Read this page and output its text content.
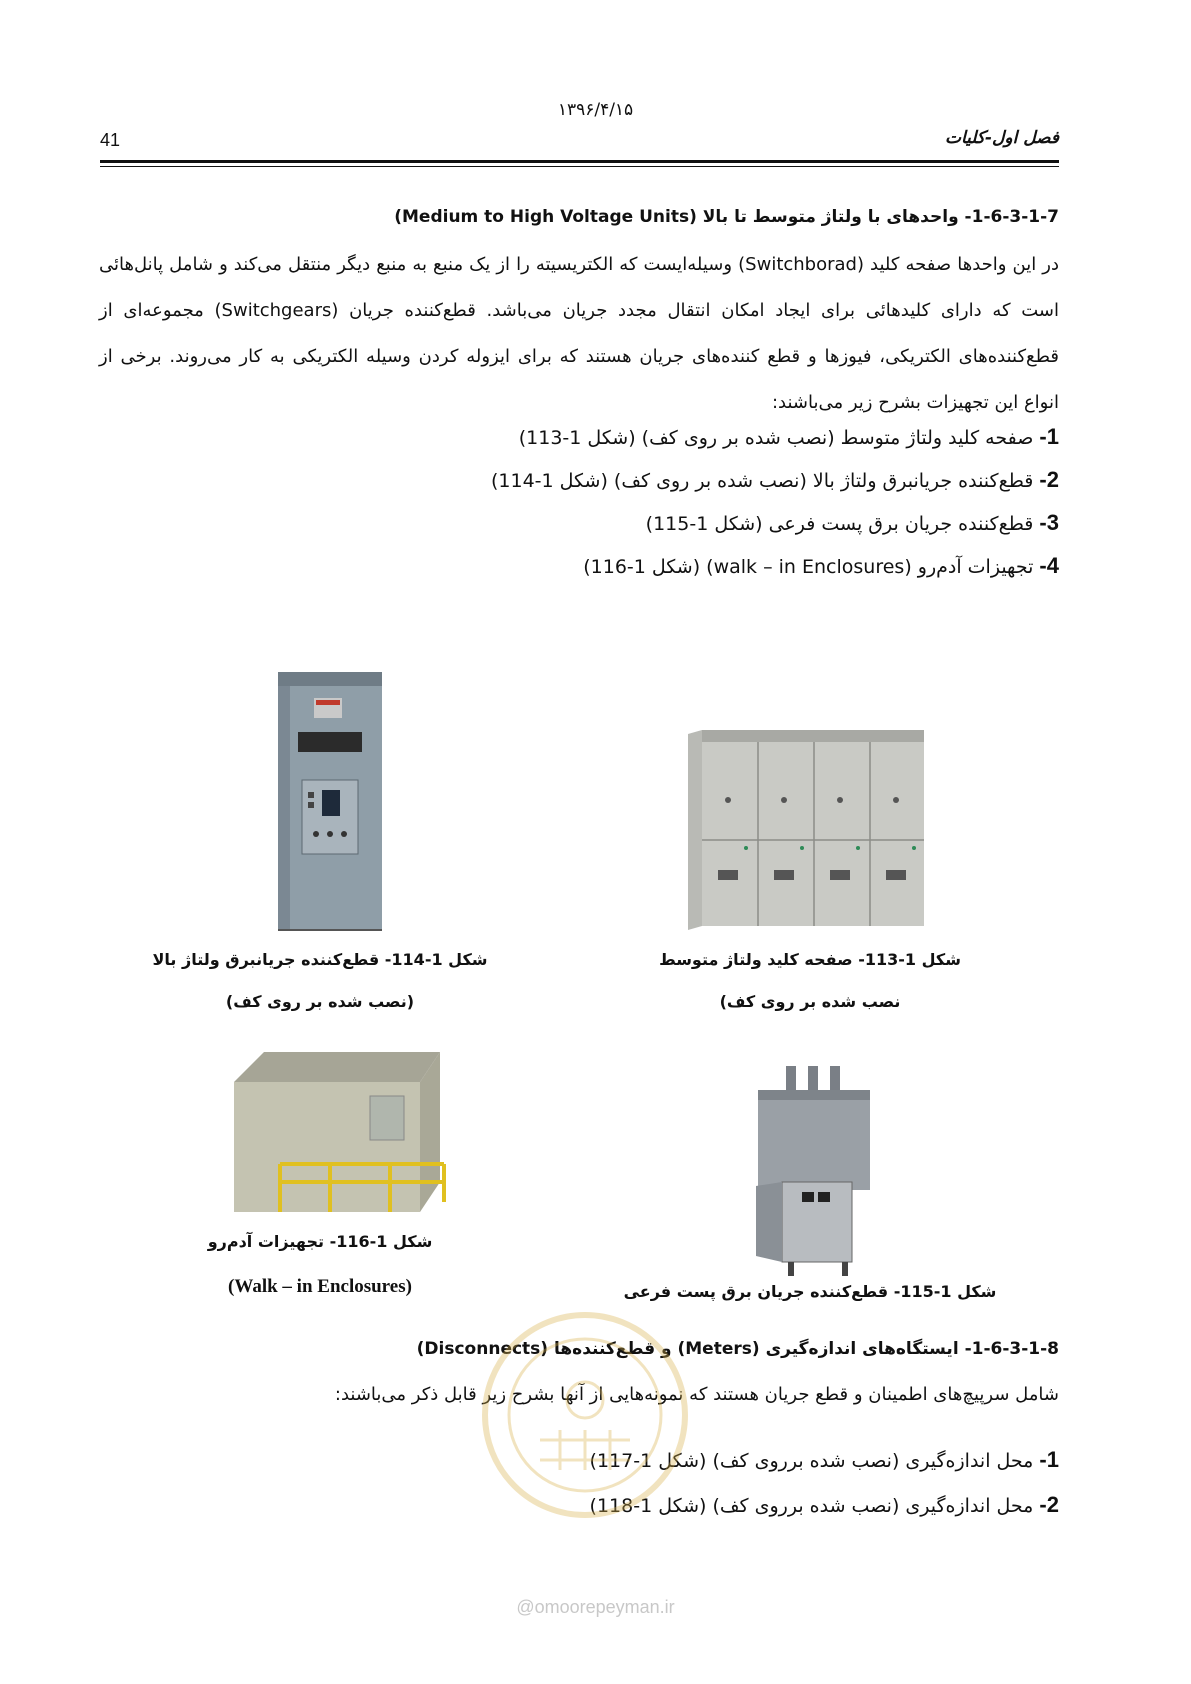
۱۳۹۶/۴/۱۵
41	فصل اول-کلیات
1-6-3-1-7- واحدهای با ولتاژ متوسط تا بالا (Medium to High Voltage Units)
در این واحدها صفحه کلید (Switchborad) وسیله‌ایست که الکتریسیته را از یک منبع به منبع دیگر منتقل می‌کند و شامل پانل‌هائی است که دارای کلیدهائی برای ایجاد امکان انتقال مجدد جریان می‌باشد. قطع‌کننده جریان (Switchgears) مجموعه‌ای از قطع‌کننده‌های الکتریکی، فیوزها و قطع کننده‌های جریان هستند که برای ایزوله کردن وسیله الکتریکی به کار می‌روند. برخی از انواع این تجهیزات بشرح زیر می‌باشند:
1- صفحه کلید ولتاژ متوسط (نصب شده بر روی کف) (شکل 1-113)
2- قطع‌کننده جریانبرق ولتاژ بالا (نصب شده بر روی کف) (شکل 1-114)
3- قطع‌کننده جریان برق پست فرعی (شکل 1-115)
4- تجهیزات آدم‌رو (walk – in Enclosures) (شکل 1-116)
شکل 1-114- قطع‌کننده جریانبرق ولتاژ بالا
(نصب شده بر روی کف)
شکل 1-113- صفحه کلید ولتاژ متوسط
نصب شده بر روی کف)
شکل 1-116- تجهیزات آدم‌رو
(Walk – in Enclosures)	شکل 1-115- قطع‌کننده جریان برق پست فرعی
1-6-3-1-8- ایستگاه‌های اندازه‌گیری (Meters) و قطع‌کننده‌ها (Disconnects)
شامل سرپیچ‌های اطمینان و قطع جریان هستند که نمونه‌هایی از آنها بشرح زیر قابل ذکر می‌باشند:
1- محل اندازه‌گیری (نصب شده برروی کف) (شکل 1-117)
2- محل اندازه‌گیری (نصب شده برروی کف) (شکل 1-118)
@omoorepeyman.ir
